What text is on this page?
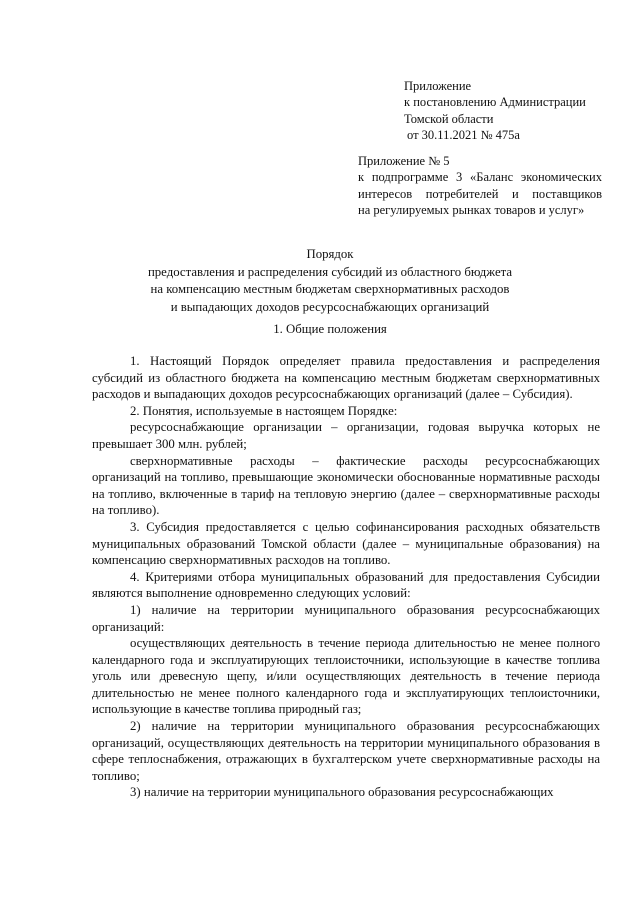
Приложение
к постановлению Администрации
Томской области
от 30.11.2021 № 475а
Приложение № 5
к подпрограмме 3 «Баланс экономических
интересов потребителей и поставщиков
на регулируемых рынках товаров и услуг»
Порядок
предоставления и распределения субсидий из областного бюджета
на компенсацию местным бюджетам сверхнормативных расходов
и выпадающих доходов ресурсоснабжающих организаций
1. Общие положения

1. Настоящий Порядок определяет правила предоставления и распределения субсидий из областного бюджета на компенсацию местным бюджетам сверхнормативных расходов и выпадающих доходов ресурсоснабжающих организаций (далее – Субсидия).

2. Понятия, используемые в настоящем Порядке:

ресурсоснабжающие организации – организации, годовая выручка которых не превышает 300 млн. рублей;

сверхнормативные расходы – фактические расходы ресурсоснабжающих организаций на топливо, превышающие экономически обоснованные нормативные расходы на топливо, включенные в тариф на тепловую энергию (далее – сверхнормативные расходы на топливо).

3. Субсидия предоставляется с целью софинансирования расходных обязательств муниципальных образований Томской области (далее – муниципальные образования) на компенсацию сверхнормативных расходов на топливо.

4. Критериями отбора муниципальных образований для предоставления Субсидии являются выполнение одновременно следующих условий:

1) наличие на территории муниципального образования ресурсоснабжающих организаций:

осуществляющих деятельность в течение периода длительностью не менее полного календарного года и эксплуатирующих теплоисточники, использующие в качестве топлива уголь или древесную щепу, и/или осуществляющих деятельность в течение периода длительностью не менее полного календарного года и эксплуатирующих теплоисточники, использующие в качестве топлива природный газ;

2) наличие на территории муниципального образования ресурсоснабжающих организаций, осуществляющих деятельность на территории муниципального образования в сфере теплоснабжения, отражающих в бухгалтерском учете сверхнормативные расходы на топливо;

3) наличие на территории муниципального образования ресурсоснабжающих
